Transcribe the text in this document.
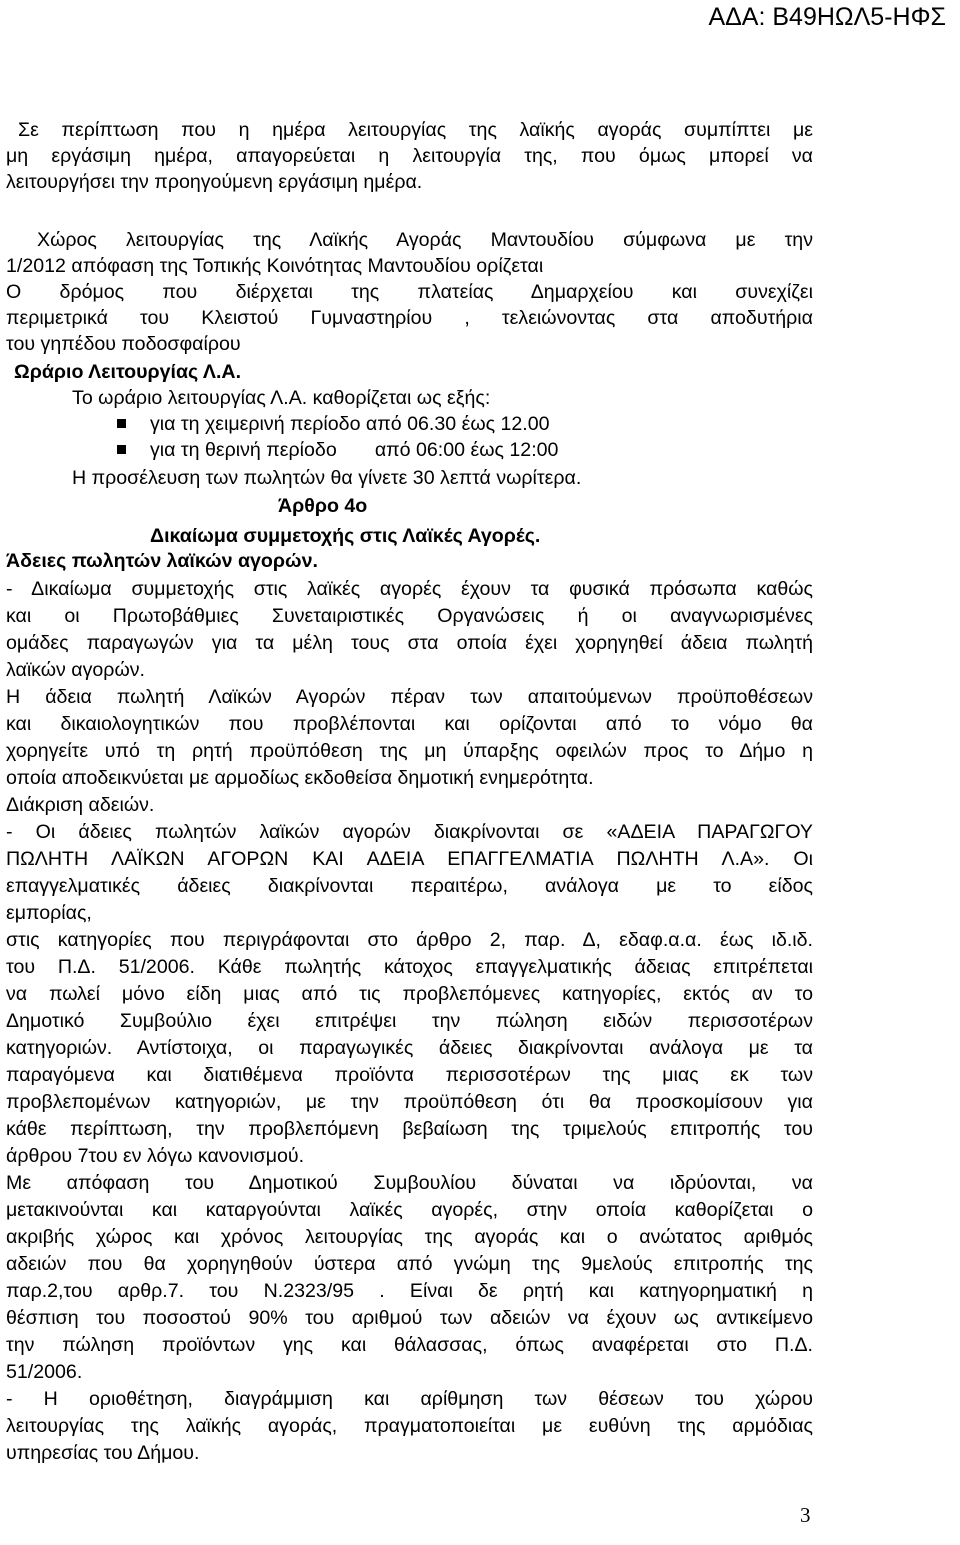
ΑΔΑ: Β49ΗΩΛ5-ΗΦΣ
Σε περίπτωση που η ημέρα λειτουργίας της λαϊκής αγοράς συμπίπτει με
μη εργάσιμη ημέρα, απαγορεύεται η λειτουργία της, που όμως μπορεί να
λειτουργήσει την προηγούμενη εργάσιμη ημέρα.
Χώρος λειτουργίας της Λαϊκής Αγοράς Μαντουδίου σύμφωνα με την
1/2012 απόφαση της Τοπικής Κοινότητας Μαντουδίου ορίζεται
Ο δρόμος που διέρχεται της πλατείας Δημαρχείου και συνεχίζει
περιμετρικά του Κλειστού Γυμναστηρίου , τελειώνοντας στα αποδυτήρια
του γηπέδου ποδοσφαίρου
Ωράριο Λειτουργίας Λ.Α.
Το ωράριο λειτουργίας Λ.Α. καθορίζεται ως εξής:
για τη χειμερινή περίοδο από 06.30 έως 12.00
για τη θερινή περίοδο       από 06:00 έως 12:00
Η προσέλευση των πωλητών θα γίνετε 30 λεπτά νωρίτερα.
Άρθρο 4ο
Δικαίωμα συμμετοχής στις Λαϊκές Αγορές.
Άδειες πωλητών λαϊκών αγορών.
- Δικαίωμα συμμετοχής στις λαϊκές αγορές έχουν τα φυσικά πρόσωπα καθώς
και οι Πρωτοβάθμιες Συνεταιριστικές Οργανώσεις ή οι αναγνωρισμένες
ομάδες παραγωγών για τα μέλη τους στα οποία έχει χορηγηθεί άδεια πωλητή
λαϊκών αγορών.
Η άδεια πωλητή Λαϊκών Αγορών πέραν των απαιτούμενων προϋποθέσεων
και δικαιολογητικών που προβλέπονται και ορίζονται από το νόμο θα
χορηγείτε υπό τη ρητή προϋπόθεση της μη ύπαρξης οφειλών προς το Δήμο η
οποία αποδεικνύεται με αρμοδίως εκδοθείσα δημοτική ενημερότητα.
Διάκριση αδειών.
- Οι άδειες πωλητών λαϊκών αγορών διακρίνονται σε «ΑΔΕΙΑ ΠΑΡΑΓΩΓΟΥ
ΠΩΛΗΤΗ ΛΑΪΚΩΝ ΑΓΟΡΩΝ ΚΑΙ ΑΔΕΙΑ ΕΠΑΓΓΕΛΜΑΤΙΑ ΠΩΛΗΤΗ Λ.Α». Οι
επαγγελματικές άδειες διακρίνονται περαιτέρω, ανάλογα με το είδος
εμπορίας,
στις κατηγορίες που περιγράφονται στο άρθρο 2, παρ. Δ, εδαφ.α.α. έως ιδ.ιδ.
του Π.Δ. 51/2006. Κάθε πωλητής κάτοχος επαγγελματικής άδειας επιτρέπεται
να πωλεί μόνο είδη μιας από τις προβλεπόμενες κατηγορίες, εκτός αν το
Δημοτικό Συμβούλιο έχει επιτρέψει την πώληση ειδών περισσοτέρων
κατηγοριών. Αντίστοιχα, οι παραγωγικές άδειες διακρίνονται ανάλογα με τα
παραγόμενα και διατιθέμενα προϊόντα περισσοτέρων της μιας εκ των
προβλεπομένων κατηγοριών, με την προϋπόθεση ότι θα προσκομίσουν για
κάθε περίπτωση, την προβλεπόμενη βεβαίωση της τριμελούς επιτροπής του
άρθρου 7του εν λόγω κανονισμού.
Με απόφαση του Δημοτικού Συμβουλίου δύναται να ιδρύονται, να
μετακινούνται και καταργούνται λαϊκές αγορές, στην οποία καθορίζεται ο
ακριβής χώρος και χρόνος λειτουργίας της αγοράς και ο ανώτατος αριθμός
αδειών που θα χορηγηθούν ύστερα από γνώμη της 9μελούς επιτροπής της
παρ.2,του αρθρ.7. του Ν.2323/95 . Είναι δε ρητή και κατηγορηματική η
θέσπιση του ποσοστού 90% του αριθμού των αδειών να έχουν ως αντικείμενο
την πώληση προϊόντων γης και θάλασσας, όπως αναφέρεται στο Π.Δ.
51/2006.
- Η οριοθέτηση, διαγράμμιση και αρίθμηση των θέσεων του χώρου
λειτουργίας της λαϊκής αγοράς, πραγματοποιείται με ευθύνη της αρμόδιας
υπηρεσίας του Δήμου.
3
